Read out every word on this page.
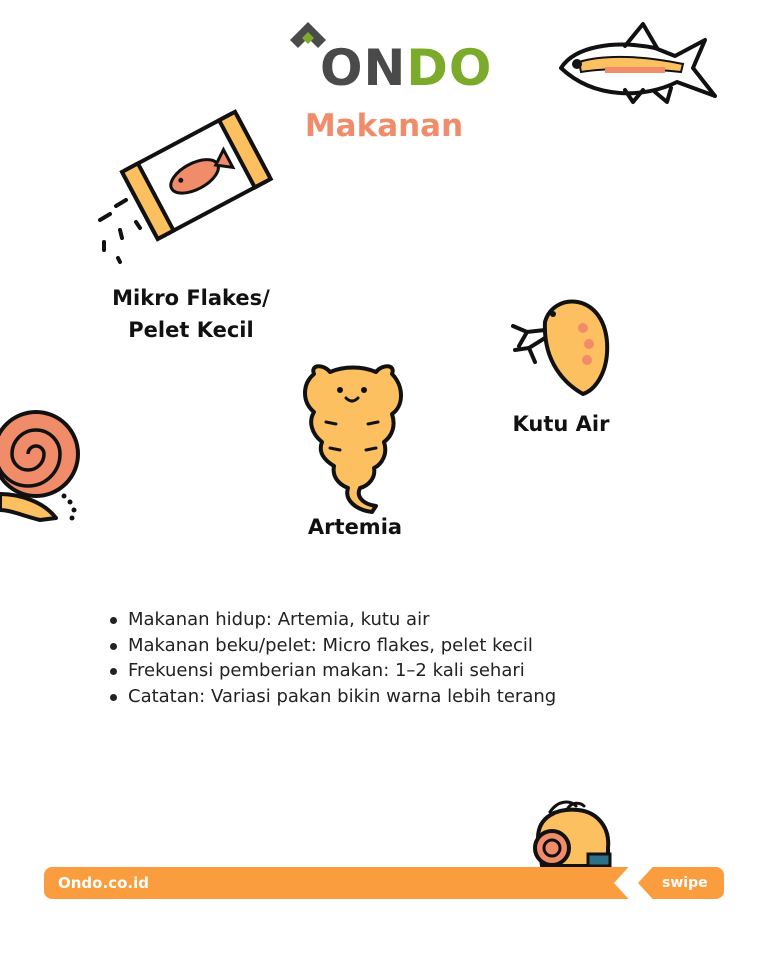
ONDO
Makanan
Mikro Flakes/
Pelet Kecil
Kutu Air
Artemia
Makanan hidup: Artemia, kutu air
Makanan beku/pelet: Micro flakes, pelet kecil
Frekuensi pemberian makan: 1–2 kali sehari
Catatan: Variasi pakan bikin warna lebih terang
Ondo.co.id	swipe
